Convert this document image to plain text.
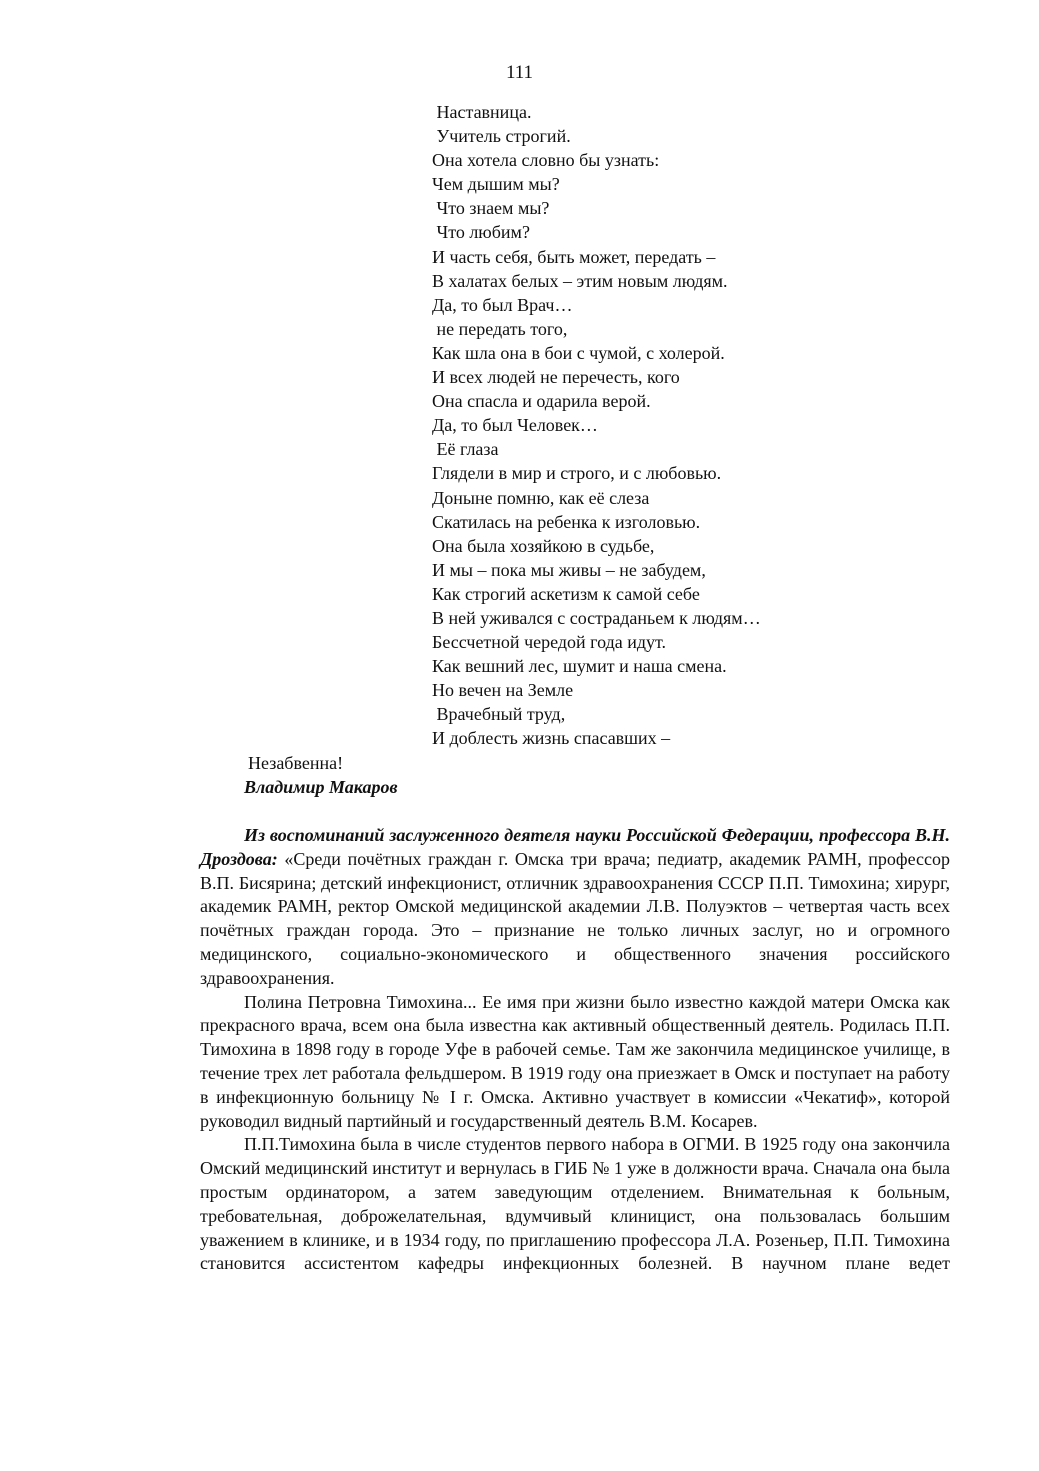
111
Наставница.
Учитель строгий.
Она хотела словно бы узнать:
Чем дышим мы?
Что знаем мы?
Что любим?
И часть себя, быть может, передать –
В халатах белых – этим новым людям.
Да, то был Врач…
не передать того,
Как шла она в бои с чумой, с холерой.
И всех людей не перечесть, кого
Она спасла и одарила верой.
Да, то был Человек…
Её глаза
Глядели в мир и строго, и с любовью.
Доныне помню, как её слеза
Скатилась на ребенка к изголовью.
Она была хозяйкою в судьбе,
И мы – пока мы живы – не забудем,
Как строгий аскетизм к самой себе
В ней уживался с состраданьем к людям…
Бессчетной чередой года идут.
Как вешний лес, шумит и наша смена.
Но вечен на Земле
Врачебный труд,
И доблесть жизнь спасавших –
Незабвенна!
Владимир Макаров

Из воспоминаний заслуженного деятеля науки Российской Федерации, профессора В.Н. Дроздова: «Среди почётных граждан г. Омска три врача; педиатр, академик РАМН, профессор В.П. Бисярина; детский инфекционист, отличник здравоохранения СССР П.П. Тимохина; хирург, академик РАМН, ректор Омской медицинской академии Л.В. Полуэктов – четвертая часть всех почётных граждан города. Это – признание не только личных заслуг, но и огромного медицинского, социально-экономического и общественного значения российского здравоохранения.

Полина Петровна Тимохина... Ее имя при жизни было известно каждой матери Омска как прекрасного врача, всем она была известна как активный общественный деятель. Родилась П.П. Тимохина в 1898 году в городе Уфе в рабочей семье. Там же закончила медицинское училище, в течение трех лет работала фельдшером. В 1919 году она приезжает в Омск и поступает на работу в инфекционную больницу № I г. Омска. Активно участвует в комиссии «Чекатиф», которой руководил видный партийный и государственный деятель В.М. Косарев.

П.П.Тимохина была в числе студентов первого набора в ОГМИ. В 1925 году она закончила Омский медицинский институт и вернулась в ГИБ № 1 уже в должности врача. Сначала она была простым ординатором, а затем заведующим отделением. Внимательная к больным, требовательная, доброжелательная, вдумчивый клиницист, она пользовалась большим уважением в клинике, и в 1934 году, по приглашению профессора Л.А. Розеньер, П.П. Тимохина становится ассистентом кафедры инфекционных болезней. В научном плане ведет
